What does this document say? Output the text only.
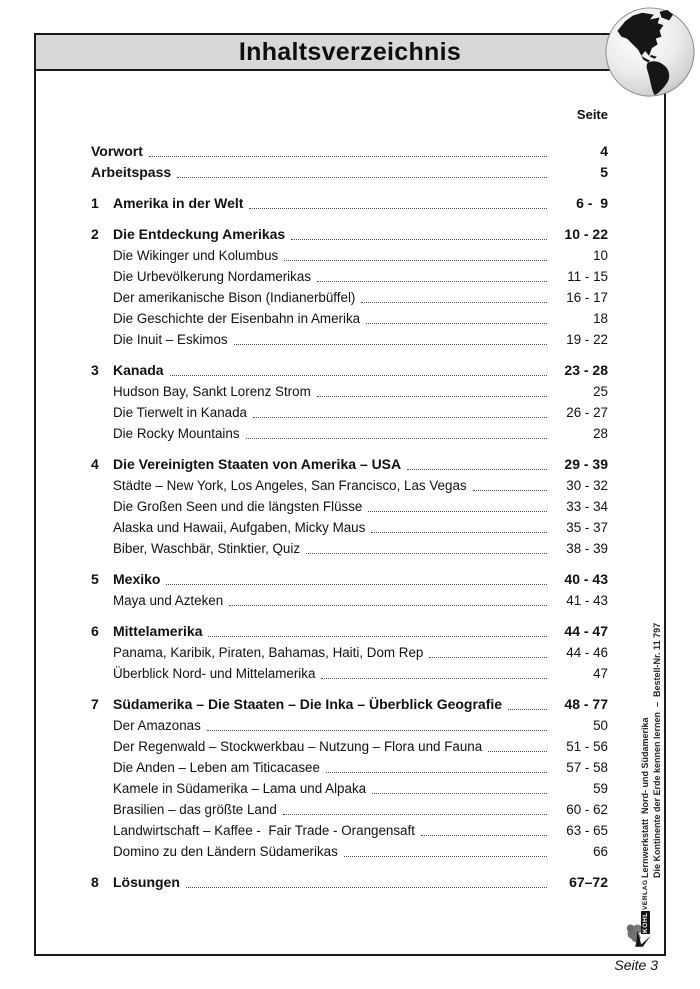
Inhaltsverzeichnis
Seite
Vorwort	4
Arbeitspass	5
1	Amerika in der Welt	6 -  9
2	Die Entdeckung Amerikas	10 - 22
Die Wikinger und Kolumbus	10
Die Urbevölkerung Nordamerikas	11 - 15
Der amerikanische Bison (Indianerbüffel)	16 - 17
Die Geschichte der Eisenbahn in Amerika	18
Die Inuit – Eskimos	19 - 22
3	Kanada	23 - 28
Hudson Bay, Sankt Lorenz Strom	25
Die Tierwelt in Kanada	26 - 27
Die Rocky Mountains	28
4	Die Vereinigten Staaten von Amerika – USA	29 - 39
Städte – New York, Los Angeles, San Francisco, Las Vegas	30 - 32
Die Großen Seen und die längsten Flüsse	33 - 34
Alaska und Hawaii, Aufgaben, Micky Maus	35 - 37
Biber, Waschbär, Stinktier, Quiz	38 - 39
5	Mexiko	40 - 43
Maya und Azteken	41 - 43
6	Mittelamerika	44 - 47
Panama, Karibik, Piraten, Bahamas, Haiti, Dom Rep	44 - 46
Überblick Nord- und Mittelamerika	47
7	Südamerika – Die Staaten – Die Inka – Überblick Geografie	48 - 77
Der Amazonas	50
Der Regenwald – Stockwerkbau – Nutzung – Flora und Fauna	51 - 56
Die Anden – Leben am Titicacasee	57 - 58
Kamele in Südamerika – Lama und Alpaka	59
Brasilien – das größte Land	60 - 62
Landwirtschaft – Kaffee -  Fair Trade - Orangensaft	63 - 65
Domino zu den Ländern Südamerikas	66
8	Lösungen	67–72
Lernwerkstatt  Nord- und Südamerika Die Kontinente der Erde kennen lernen  –  Bestell-Nr. 11 797
KOHLVERLAG
Seite 3
